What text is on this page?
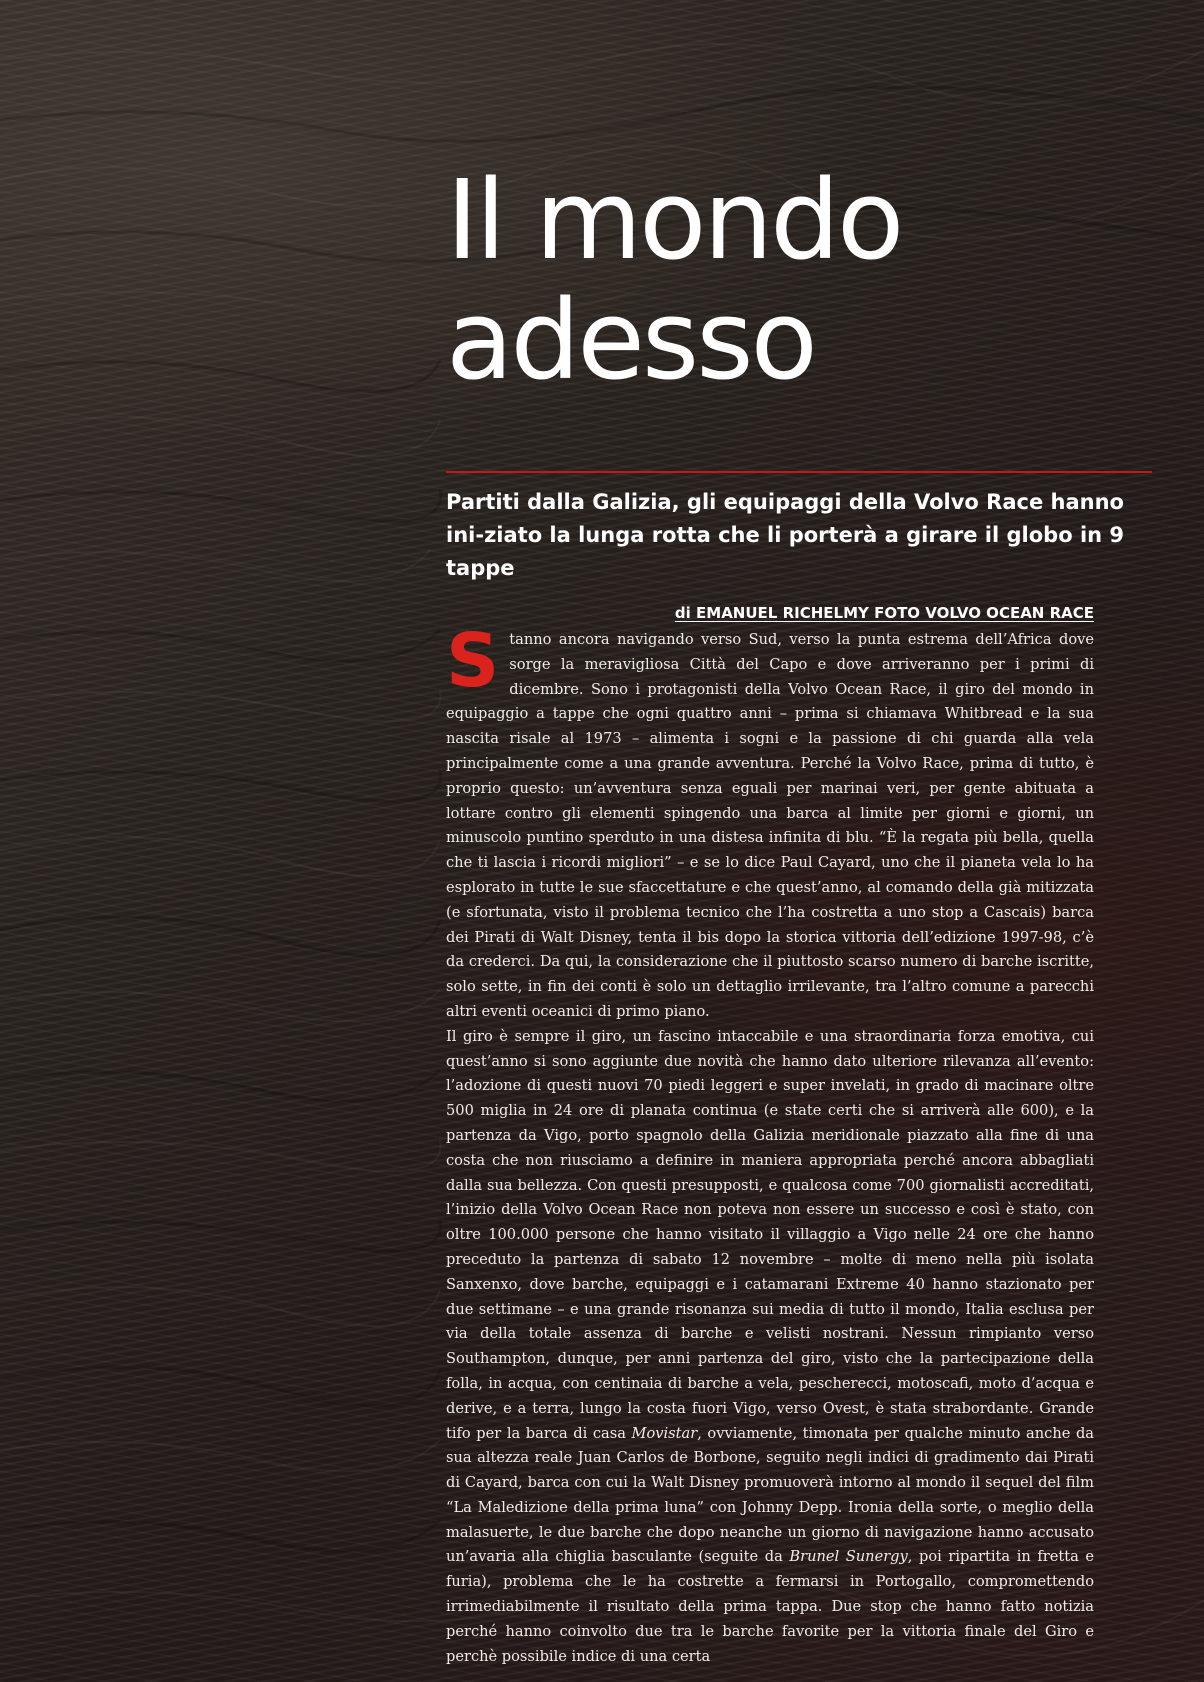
Il mondo
adesso

Partiti dalla Galizia, gli equipaggi della Volvo Race hanno ini-ziato la lunga rotta che li porterà a girare il globo in 9 tappe

di EMANUEL RICHELMY FOTO VOLVO OCEAN RACE

Stanno ancora navigando verso Sud, verso la punta estrema dell’Africa dove sorge la meravigliosa Città del Capo e dove arriveranno per i primi di dicembre. Sono i protagonisti della Volvo Ocean Race, il giro del mondo in equipaggio a tappe che ogni quattro anni – prima si chiamava Whitbread e la sua nascita risale al 1973 – alimenta i sogni e la passione di chi guarda alla vela principalmente come a una grande avventura. Perché la Volvo Race, prima di tutto, è proprio questo: un’avventura senza eguali per marinai veri, per gente abituata a lottare contro gli elementi spingendo una barca al limite per giorni e giorni, un minuscolo puntino sperduto in una distesa infinita di blu. “È la regata più bella, quella che ti lascia i ricordi migliori” – e se lo dice Paul Cayard, uno che il pianeta vela lo ha esplorato in tutte le sue sfaccettature e che quest’anno, al comando della già mitizzata (e sfortunata, visto il problema tecnico che l’ha costretta a uno stop a Cascais) barca dei Pirati di Walt Disney, tenta il bis dopo la storica vittoria dell’edizione 1997-98, c’è da crederci. Da qui, la considerazione che il piuttosto scarso numero di barche iscritte, solo sette, in fin dei conti è solo un dettaglio irrilevante, tra l’altro comune a parecchi altri eventi oceanici di primo piano.

Il giro è sempre il giro, un fascino intaccabile e una straordinaria forza emotiva, cui quest’anno si sono aggiunte due novità che hanno dato ulteriore rilevanza all’evento: l’adozione di questi nuovi 70 piedi leggeri e super invelati, in grado di macinare oltre 500 miglia in 24 ore di planata continua (e state certi che si arriverà alle 600), e la partenza da Vigo, porto spagnolo della Galizia meridionale piazzato alla fine di una costa che non riusciamo a definire in maniera appropriata perché ancora abbagliati dalla sua bellezza. Con questi presupposti, e qualcosa come 700 giornalisti accreditati, l’inizio della Volvo Ocean Race non poteva non essere un successo e così è stato, con oltre 100.000 persone che hanno visitato il villaggio a Vigo nelle 24 ore che hanno preceduto la partenza di sabato 12 novembre – molte di meno nella più isolata Sanxenxo, dove barche, equipaggi e i catamarani Extreme 40 hanno stazionato per due settimane – e una grande risonanza sui media di tutto il mondo, Italia esclusa per via della totale assenza di barche e velisti nostrani. Nessun rimpianto verso Southampton, dunque, per anni partenza del giro, visto che la partecipazione della folla, in acqua, con centinaia di barche a vela, pescherecci, motoscafi, moto d’acqua e derive, e a terra, lungo la costa fuori Vigo, verso Ovest, è stata strabordante. Grande tifo per la barca di casa Movistar, ovviamente, timonata per qualche minuto anche da sua altezza reale Juan Carlos de Borbone, seguito negli indici di gradimento dai Pirati di Cayard, barca con cui la Walt Disney promuoverà intorno al mondo il sequel del film “La Maledizione della prima luna” con Johnny Depp. Ironia della sorte, o meglio della malasuerte, le due barche che dopo neanche un giorno di navigazione hanno accusato un’avaria alla chiglia basculante (seguite da Brunel Sunergy, poi ripartita in fretta e furia), problema che le ha costrette a fermarsi in Portogallo, compromettendo irrimediabilmente il risultato della prima tappa. Due stop che hanno fatto notizia perché hanno coinvolto due tra le barche favorite per la vittoria finale del Giro e perchè possibile indice di una certa
